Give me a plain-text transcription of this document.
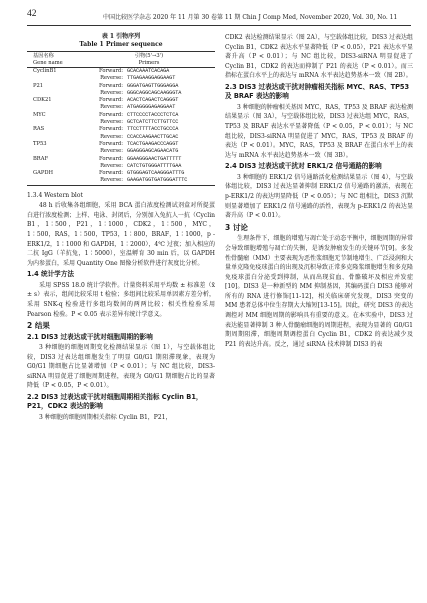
42	中国比较医学杂志 2020 年 11 月第 30 卷第 11 期 Chin J Comp Med, November 2020, Vol. 30, No. 11
表 1 引物序列
Table 1 Primer sequence
基因名称
Gene name	引物(5'→3')
Primers	
CyclinB1	Forward:	GCACAAATCACAGA
	Reverse:	TTGAGAAGGAGGAAGT
P21	Forward:	GGGATGAGTTGGGAGGA
	Reverse:	GGGCAGGCAGCAAGGGTA
CDK21	Forward:	ACACTCAGACTCAGGGT
	Reverse:	ATGAGGGGAGAGGAAT
MYC	Forward:	CTTCCCCTACCCTCTCA
	Reverse:	GCTCATCTTCTTGTTCC
RAS	Forward:	TTCCTTTTACCTGCCCA
	Reverse:	CCACCAAGAACTTGCAC
TP53	Forward:	TCACTGAAGACCCAGGT
	Reverse:	GGAGGGAGCAGAACATG
BRAF	Forward:	GGAAGGGAACTGATTTTT
	Reverse:	CATCTGTGGGATTTTGAA
GAPDH	Forward:	GTGGGAGTCAAGGGATTTG
	Reverse:	GAAGATGGTGATGGGATTTC
1.3.4 Western blot

48 h 后收集各组细胞，采用 BCA 蛋白浓度检测试剂盒对所提蛋白进行浓度检测；上样、电泳、封闭后，分别加入兔抗人一抗（Cyclin B1，1∶500，P21，1∶1000，CDK2，1∶500，MYC，1∶500，RAS，1∶500，TP53，1∶800，BRAF，1∶1000，p - ERK1/2，1∶1000 和 GAPDH，1∶2000），4℃ 过夜；加入相应的二抗 IgG（羊抗兔，1∶5000），室温孵育 30 min 后，以 GAPDH 为内参蛋白，采用 Quantity One 图像分析软件进行灰度比分析。

1.4 统计学方法

采用 SPSS 18.0 统计学软件。计量资料采用平均数 ± 标准差（x̄ ± s）表示，组间比较采用 t 检验；多组间比较采用单因素方差分析，采用 SNK-q 检验进行多组均数间的两两比较；相关性检验采用 Pearson 检验。P < 0.05 表示差异有统计学意义。

2 结果
2.1 DIS3 过表达或干扰对细胞周期的影响

3 种细胞的细胞周期变化检测结果显示（图 1），与空载体组比较，DIS3 过表达组细胞发生了明显 G0/G1 期阻滞现象，表现为 G0/G1 期细胞占比显著增加（P < 0.01）；与 NC 组比较，DIS3-siRNA 明显促进了细胞周期进程，表现为 G0/G1 期细胞占比的显著降低（P < 0.05，P < 0.01）。

2.2 DIS3 过表达或干扰对细胞周期相关指标 Cyclin B1，P21，CDK2 表达的影响

3 种细胞的细胞周期相关指标 Cyclin B1，P21，

CDK2 表达检测结果显示（图 2A），与空载体组比较，DIS3 过表达组 Cyclin B1，CDK2 表达水平显著降低（P < 0.05），P21 表达水平显著升高（P < 0.01）；与 NC 组比较，DIS3-siRNA 明显促进了 Cyclin B1，CDK2 的表达而抑制了 P21 的表达（P < 0.01）。而三指标在蛋白水平上的表达与 mRNA 水平表达趋势基本一致（图 2B）。

2.3 DIS3 过表达或干扰对肿瘤相关指标 MYC、RAS、TP53 及 BRAF 表达的影响

3 种细胞的肿瘤相关基因 MYC，RAS，TP53 及 BRAF 表达检测结果显示（图 3A），与空载体组比较，DIS3 过表达组 MYC，RAS，TP53 及 BRAF 表达水平显著降低（P < 0.05，P < 0.01）；与 NC 组比较，DIS3-siRNA 明显促进了 MYC，RAS，TP53 及 BRAF 的表达（P < 0.01）。MYC，RAS，TP53 及 BRAF 在蛋白水平上的表达与 mRNA 水平表达趋势基本一致（图 3B）。

2.4 DIS3 过表达或干扰对 ERK1/2 信号通路的影响

3 种细胞的 ERK1/2 信号通路活化检测结果显示（图 4），与空载体组比较，DIS3 过表达显著抑制 ERK1/2 信号通路的激活，表现在 p-ERK1/2 的表达明显降低（P < 0.05）；与 NC 组相比，DIS3 沉默则显著增加了 ERK1/2 信号通路的活性，表现为 p-ERK1/2 的表达显著升高（P < 0.01）。

3 讨论

生理条件下，细胞的增殖与凋亡处于动态平衡中，细胞周期的异常会导致细胞增殖与凋亡的失衡，是诱发肿瘤发生的关键环节[9]。多发性骨髓瘤（MM）主要表现为恶性浆细胞无节制地增生、广泛浸润和大量单克隆免疫球蛋白的出现及沉积导致正常多克隆浆细胞增生和多克隆免疫球蛋白分泌受到抑制，从而出现贫血、骨骼破坏及相应并发症[10]。DIS3 是一种新型的 MM 抑制基因，其编码蛋白 DIS3 能够对所有的 RNA 进行修饰[11-12]，相关临床研究发现，DIS3 突变的 MM 患者总体中位生存期大大缩短[13-15]。因此，研究 DIS3 的表达调控对 MM 细胞周期的影响具有重要的意义。在本实验中，DIS3 过表达能显著抑制 3 种人骨髓瘤细胞的周期进程，表现为显著的 G0/G1 期周期阻滞，细胞周期调控蛋白 Cyclin B1，CDK2 的表达减少及 P21 的表达升高。反之，通过 siRNA 技术抑制 DIS3 的表
